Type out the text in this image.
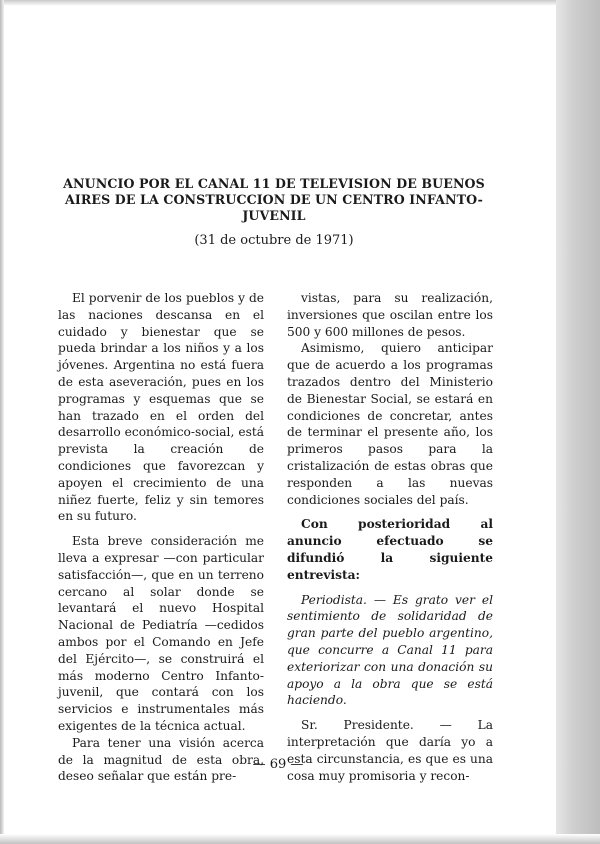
ANUNCIO POR EL CANAL 11 DE TELEVISION DE BUENOS AIRES DE LA CONSTRUCCION DE UN CENTRO INFANTO-JUVENIL
(31 de octubre de 1971)

El porvenir de los pueblos y de las naciones descansa en el cuidado y bienestar que se pueda brindar a los niños y a los jóvenes. Argentina no está fuera de esta aseveración, pues en los programas y esquemas que se han trazado en el orden del desarrollo económico-social, está prevista la creación de condiciones que favorezcan y apoyen el crecimiento de una niñez fuerte, feliz y sin temores en su futuro.

Esta breve consideración me lleva a expresar —con particular satisfacción—, que en un terreno cercano al solar donde se levantará el nuevo Hospital Nacional de Pediatría —cedidos ambos por el Comando en Jefe del Ejército—, se construirá el más moderno Centro Infanto-juvenil, que contará con los servicios e instrumentales más exigentes de la técnica actual.

Para tener una visión acerca de la magnitud de esta obra, deseo señalar que están pre-

vistas, para su realización, inversiones que oscilan entre los 500 y 600 millones de pesos.

Asimismo, quiero anticipar que de acuerdo a los programas trazados dentro del Ministerio de Bienestar Social, se estará en condiciones de concretar, antes de terminar el presente año, los primeros pasos para la cristalización de estas obras que responden a las nuevas condiciones sociales del país.

Con posterioridad al anuncio efectuado se difundió la siguiente entrevista:

Periodista. — Es grato ver el sentimiento de solidaridad de gran parte del pueblo argentino, que concurre a Canal 11 para exteriorizar con una donación su apoyo a la obra que se está haciendo.

Sr. Presidente. — La interpretación que daría yo a esta circunstancia, es que es una cosa muy promisoria y recon-

— 69 —
